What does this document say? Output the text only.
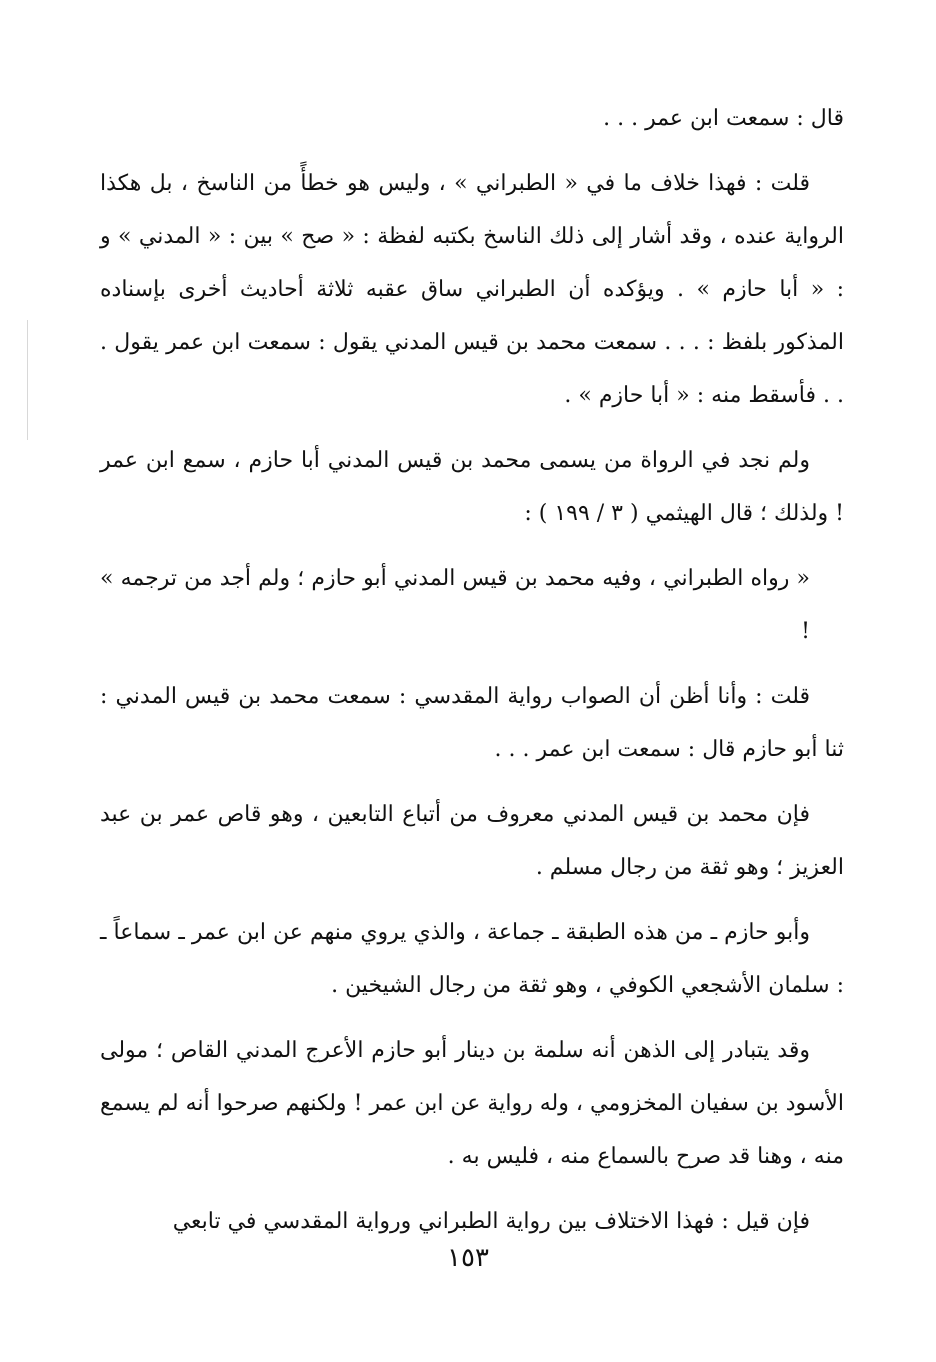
قال : سمعت ابن عمر . . .

قلت : فهذا خلاف ما في « الطبراني » ، وليس هو خطأً من الناسخ ، بل هكذا الرواية عنده ، وقد أشار إلى ذلك الناسخ بكتبه لفظة : « صح » بين : « المدني » و : « أبا حازم » . ويؤكده أن الطبراني ساق عقبه ثلاثة أحاديث أخرى بإسناده المذكور بلفظ : . . . سمعت محمد بن قيس المدني يقول : سمعت ابن عمر يقول . . . فأسقط منه : « أبا حازم » .

ولم نجد في الرواة من يسمى محمد بن قيس المدني أبا حازم ، سمع ابن عمر ! ولذلك ؛ قال الهيثمي ( ٣ / ١٩٩ ) :

« رواه الطبراني ، وفيه محمد بن قيس المدني أبو حازم ؛ ولم أجد من ترجمه » !

قلت : وأنا أظن أن الصواب رواية المقدسي : سمعت محمد بن قيس المدني : ثنا أبو حازم قال : سمعت ابن عمر . . .

فإن محمد بن قيس المدني معروف من أتباع التابعين ، وهو قاص عمر بن عبد العزيز ؛ وهو ثقة من رجال مسلم .

وأبو حازم ـ من هذه الطبقة ـ جماعة ، والذي يروي منهم عن ابن عمر ـ سماعاً ـ : سلمان الأشجعي الكوفي ، وهو ثقة من رجال الشيخين .

وقد يتبادر إلى الذهن أنه سلمة بن دينار أبو حازم الأعرج المدني القاص ؛ مولى الأسود بن سفيان المخزومي ، وله رواية عن ابن عمر ! ولكنهم صرحوا أنه لم يسمع منه ، وهنا قد صرح بالسماع منه ، فليس به .

فإن قيل : فهذا الاختلاف بين رواية الطبراني ورواية المقدسي في تابعي

١٥٣
